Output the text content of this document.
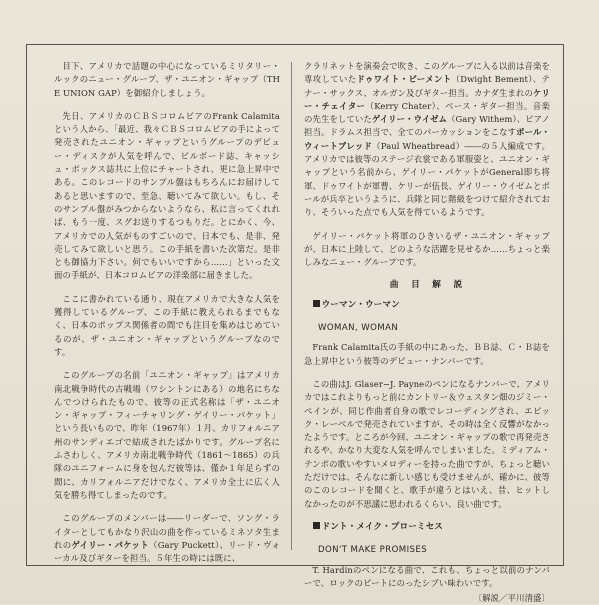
目下、アメリカで話題の中心になっているミリタリー・ルックのニュー・グループ、ザ・ユニオン・ギャップ（THE UNION GAP）を御紹介しましょう。

先日、アメリカのＣＢＳコロムビアのFrank Calamitaという人から、「最近、我々ＣＢＳコロムビアの手によって発売されたユニオン・ギャップというグループのデビュー・ディスクが人気を呼んで、ビルボード誌、キャッシュ・ボックス誌共に上位にチャートされ、更に急上昇中である。このレコードのサンプル盤はもちろんにお届けしてあると思いますので、至急、聴いてみて欲しい。もし、そのサンプル盤がみつからないようなら、私に言ってくれれば、もう一度、スグお送りするつもりだ。とにかく、今、アメリカでの人気がものすごいので、日本でも、是非、発売してみて欲しいと思う。この手紙を書いた次第だ。是非とも御協力下さい。何でもいいですから……」といった文面の手紙が、日本コロムビアの洋楽部に届きました。

ここに書かれている通り、現在アメリカで大きな人気を獲得しているグループ、この手紙に教えられるまでもなく、日本のポップス関係者の間でも注目を集めはじめているのが、ザ・ユニオン・ギャップというグループなのです。

このグループの名前「ユニオン・ギャップ」はアメリカ南北戦争時代の古戦場（ワシントンにある）の地名にちなんでつけられたもので、彼等の正式名称は「ザ・ユニオン・ギャップ・フィーチャリング・ゲイリー・パケット」という長いもので、昨年（1967年）１月、カリフォルニア州のサンディエゴで結成されたばかりです。グループ名にふさわしく、アメリカ南北戦争時代（1861〜1865）の兵隊のユニフォームに身を包んだ彼等は、僅か１年足らずの間に、カリフォルニアだけでなく、アメリカ全土に広く人気を勝ち得てしまったのです。

このグループのメンバーは――リーダーで、ソング・ライターとしてもかなり沢山の曲を作っているミネソタ生まれのゲイリー・パケット（Gary Puckett）、リード・ヴォーカル及びギターを担当。５年生の時には既に、

クラリネットを演奏会で吹き、このグループに入る以前は音楽を専攻していたドゥワイト・ビーメント（Dwight Bement）、テナー・サックス、オルガン及びギター担当。カナダ生まれのケリー・チェイター（Kerry Chater）、ベース・ギター担当。音楽の先生をしていたゲイリー・ウイゼム（Gary Withem）、ピアノ担当。ドラムス担当で、全てのパーカッションをこなすポール・ウィートブレッド（Paul Wheatbread）――の５人編成です。アメリカでは彼等のステージ衣裳である軍服姿と、ユニオン・ギャップという名前から、ゲイリー・パケットがGeneral即ち将軍、ドゥワイトが軍曹、ケリーが伍長、ゲイリー・ウイゼムとポールが兵卒というように、兵隊と同じ階級をつけて紹介されており、そういった点でも人気を得ているようです。

ゲイリー・パケット将軍のひきいるザ・ユニオン・ギャップが、日本に上陸して、どのような活躍を見せるか……ちょっと楽しみなニュー・グループです。

曲　目　解　説

ウーマン・ウーマン

WOMAN, WOMAN

Frank Calamita氏の手紙の中にあった、ＢＢ誌、Ｃ・Ｂ誌を急上昇中という彼等のデビュー・ナンバーです。

この曲はJ. Glaser−J. Payneのペンになるナンバーで、アメリカではこれよりもっと前にカントリー＆ウェスタン畑のジミー・ペインが、同じ作曲者自身の歌でレコーディングされ、エピック・レーベルで発売されていますが、その時は全く反響がなかったようです。ところが今回、ユニオン・ギャップの歌で再発売されるや、かなり大変な人気を呼んでしまいました。ミディアム・テンポの歌いやすいメロディーを持った曲ですが、ちょっと聴いただけでは、そんなに新しい感じも受けませんが、確かに、彼等のこのレコードを聞くと、歌手が違うとはいえ、昔、ヒットしなかったのが不思議に思われるくらい、良い曲です。

ドント・メイク・プローミセス

DON'T MAKE PROMISES

T. Hardinのペンになる曲で、これも、ちょっと以前のナンバーで、ロックのビートにのったシブい味わいです。

〔解説／平川清盛〕
